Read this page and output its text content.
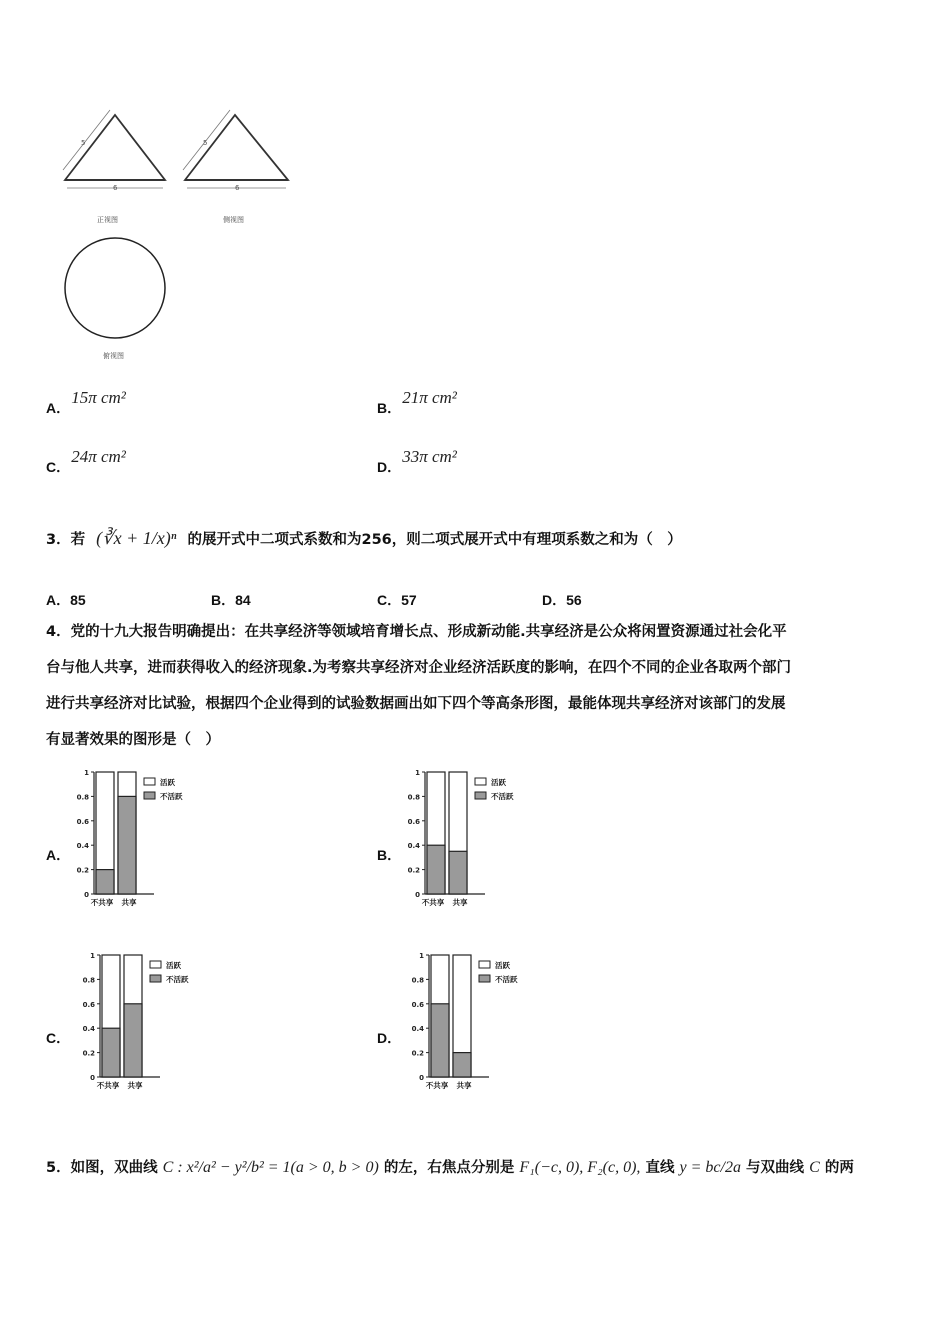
5
6
正视图
5
6
侧视图
俯视图
A． 15π cm²
B． 21π cm²
C． 24π cm²
D． 33π cm²
3．若 (∛x + 1/x)ⁿ 的展开式中二项式系数和为256，则二项式展开式中有理项系数之和为（　）
A．85	B．84	C．57	D．56
4．党的十九大报告明确提出：在共享经济等领域培育增长点、形成新动能.共享经济是公众将闲置资源通过社会化平
台与他人共享，进而获得收入的经济现象.为考察共享经济对企业经济活跃度的影响，在四个不同的企业各取两个部门
进行共享经济对比试验，根据四个企业得到的试验数据画出如下四个等高条形图，最能体现共享经济对该部门的发展
有显著效果的图形是（　）
A．	B．
C．	D．
0
0.2
0.4
0.6
0.8
1
不共享 共享
活跃
不活跃
0
0.2
0.4
0.6
0.8
1
不共享 共享
活跃
不活跃
0
0.2
0.4
0.6
0.8
1
不共享 共享
活跃
不活跃
0
0.2
0.4
0.6
0.8
1
不共享 共享
活跃
不活跃
5．如图，双曲线 C : x²/a² − y²/b² = 1(a > 0, b > 0) 的左，右焦点分别是 F₁(−c, 0), F₂(c, 0), 直线 y = bc/2a 与双曲线 C 的两
